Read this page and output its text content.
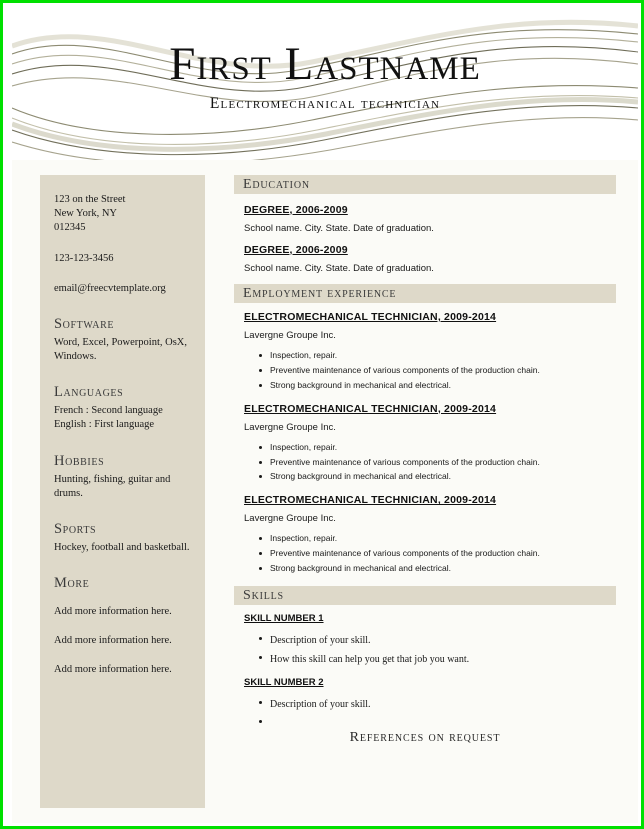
First Lastname
Electromechanical technician
123 on the Street
New York, NY
012345
123-123-3456
email@freecvtemplate.org
Software
Word, Excel, Powerpoint, OsX, Windows.
Languages
French : Second language
English : First language
Hobbies
Hunting, fishing, guitar and drums.
Sports
Hockey, football and basketball.
More
Add more information here.
Add more information here.
Add more information here.
Education
DEGREE, 2006-2009
School name. City. State. Date of graduation.
DEGREE, 2006-2009
School name. City. State. Date of graduation.
Employment experience
ELECTROMECHANICAL TECHNICIAN, 2009-2014
Lavergne Groupe Inc.
Inspection, repair.
Preventive maintenance of various components of the production chain.
Strong background in mechanical and electrical.
ELECTROMECHANICAL TECHNICIAN, 2009-2014
Lavergne Groupe Inc.
Inspection, repair.
Preventive maintenance of various components of the production chain.
Strong background in mechanical and electrical.
ELECTROMECHANICAL TECHNICIAN, 2009-2014
Lavergne Groupe Inc.
Inspection, repair.
Preventive maintenance of various components of the production chain.
Strong background in mechanical and electrical.
Skills
SKILL NUMBER 1
Description of your skill.
How this skill can help you get that job you want.
SKILL NUMBER 2
Description of your skill.
References on request
